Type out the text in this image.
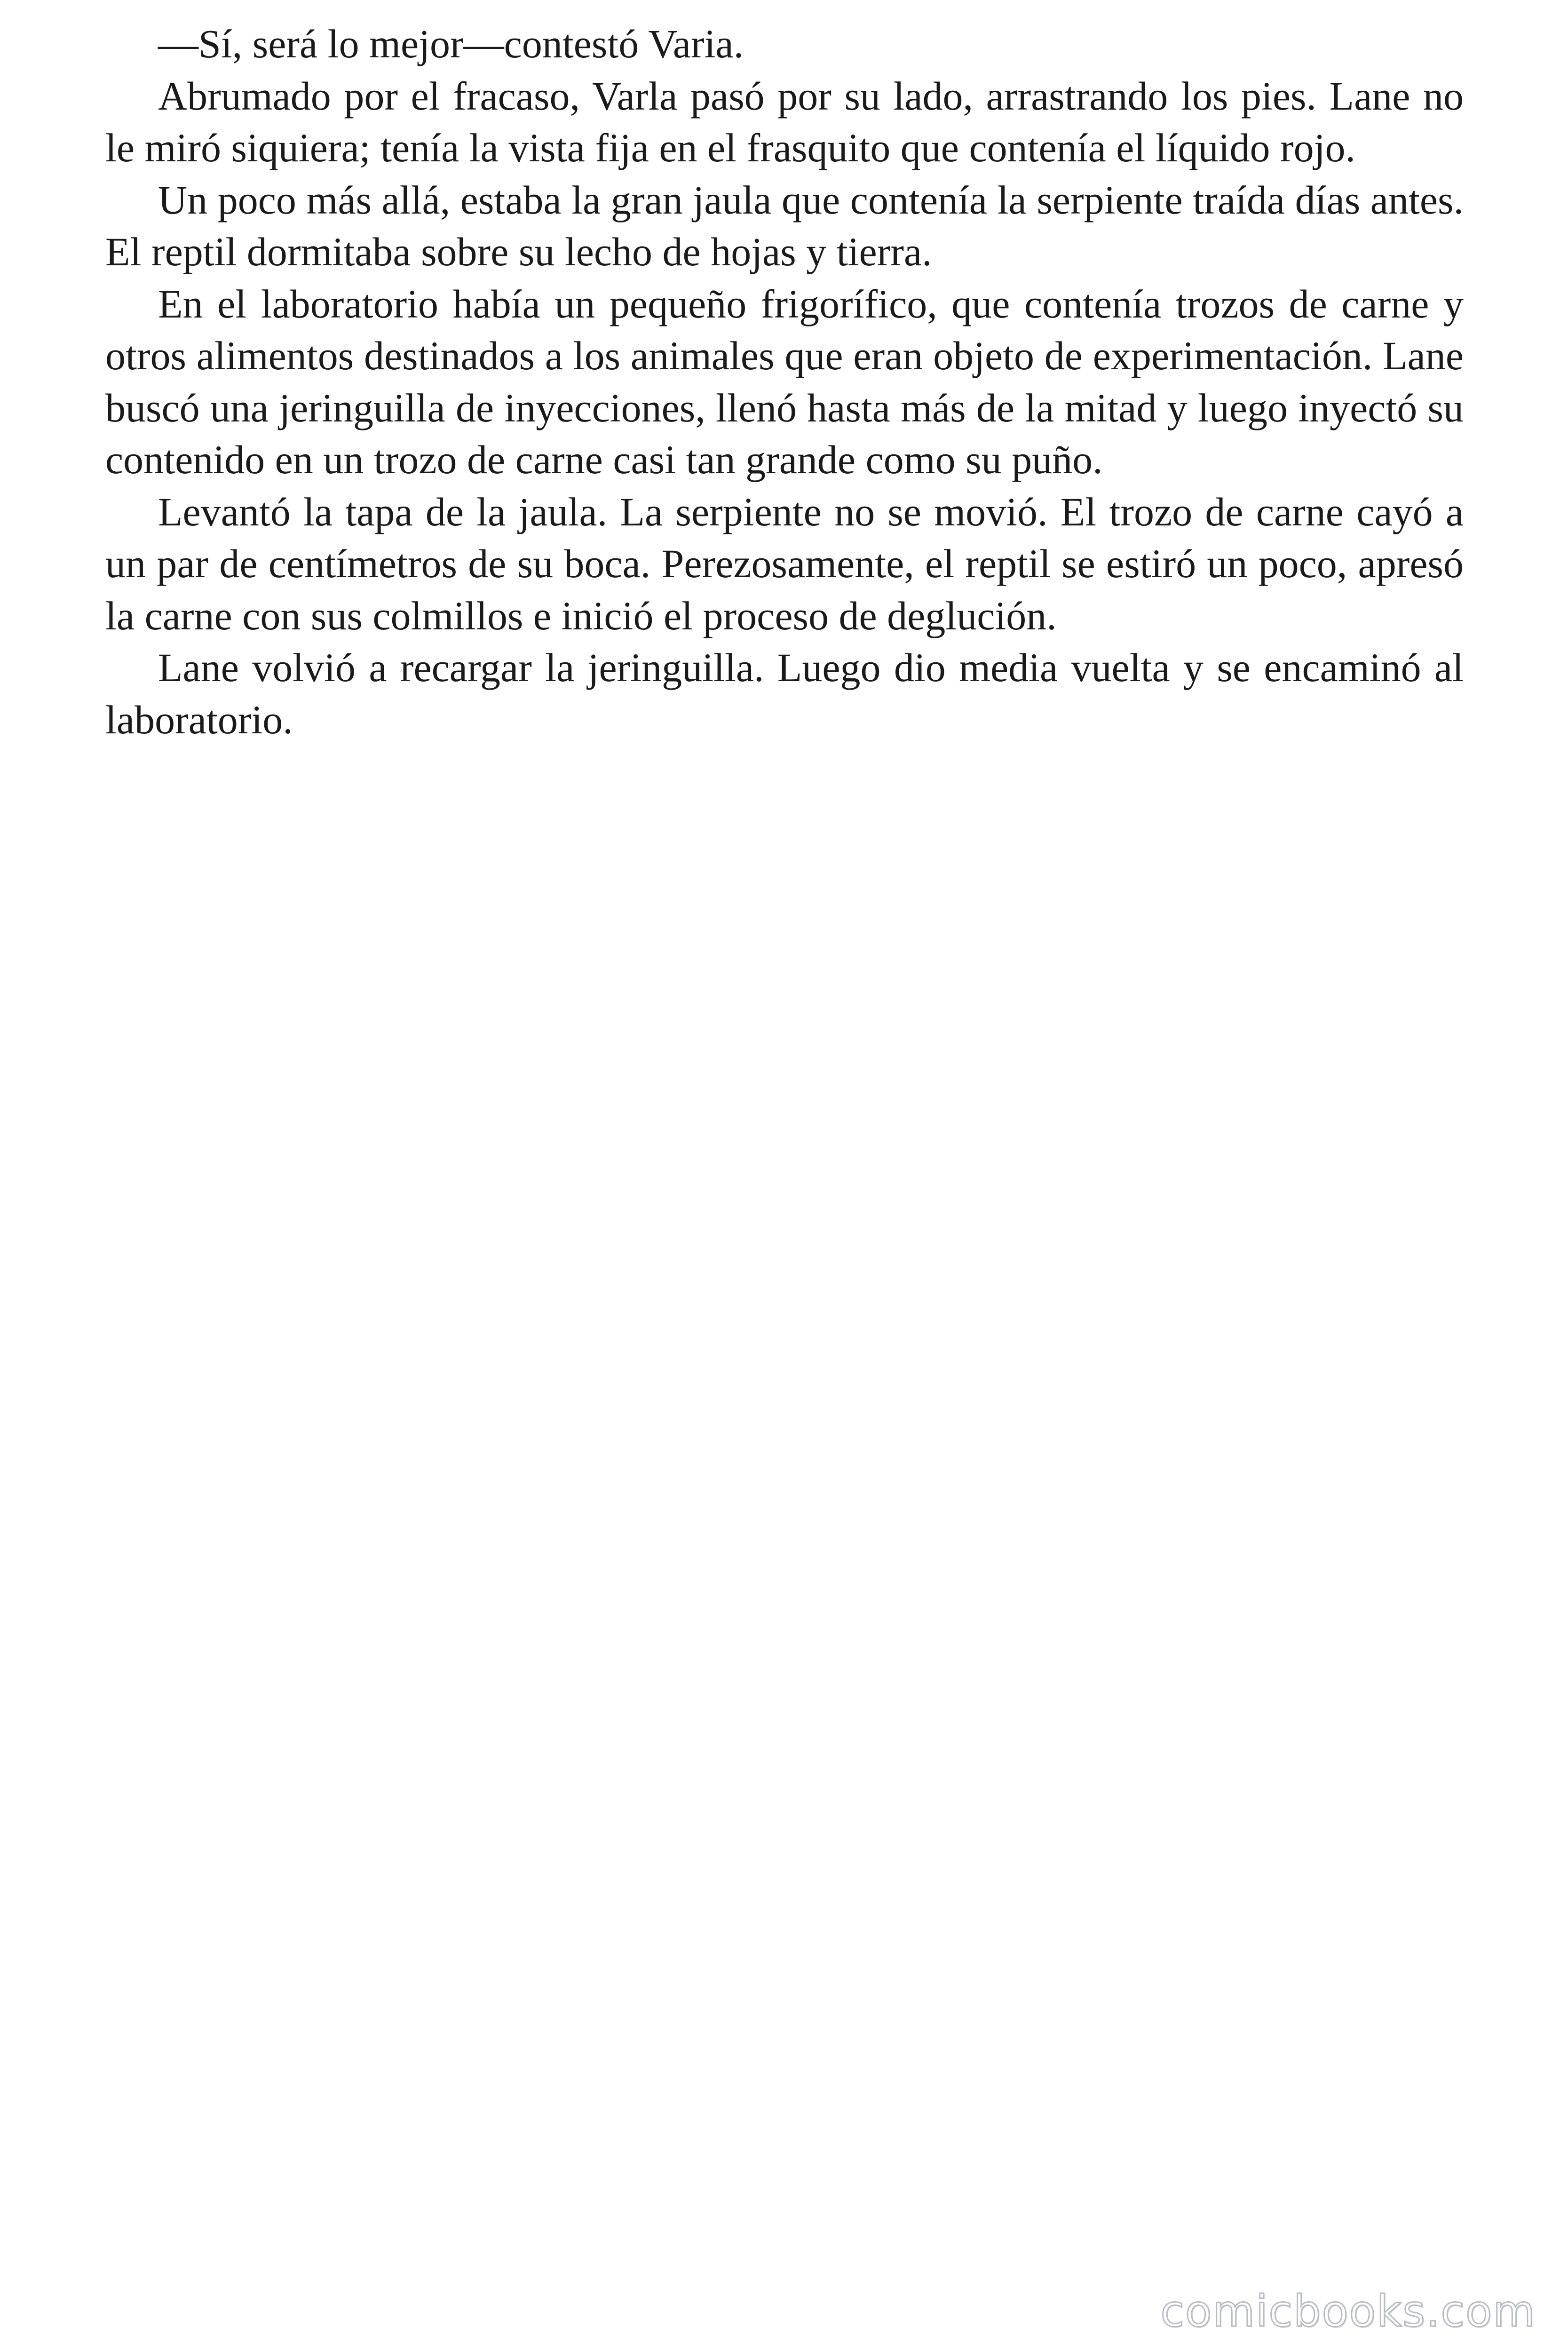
—Sí, será lo mejor—contestó Varia.

Abrumado por el fracaso, Varla pasó por su lado, arrastrando los pies. Lane no le miró siquiera; tenía la vista fija en el frasquito que contenía el líquido rojo.

Un poco más allá, estaba la gran jaula que contenía la serpiente traída días antes. El reptil dormitaba sobre su lecho de hojas y tierra.

En el laboratorio había un pequeño frigorífico, que contenía trozos de carne y otros alimentos destinados a los animales que eran objeto de experimentación. Lane buscó una jeringuilla de inyecciones, llenó hasta más de la mitad y luego inyectó su contenido en un trozo de carne casi tan grande como su puño.

Levantó la tapa de la jaula. La serpiente no se movió. El trozo de carne cayó a un par de centímetros de su boca. Perezosamente, el reptil se estiró un poco, apresó la carne con sus colmillos e inició el proceso de deglución.

Lane volvió a recargar la jeringuilla. Luego dio media vuelta y se encaminó al laboratorio.

comicbooks.com
